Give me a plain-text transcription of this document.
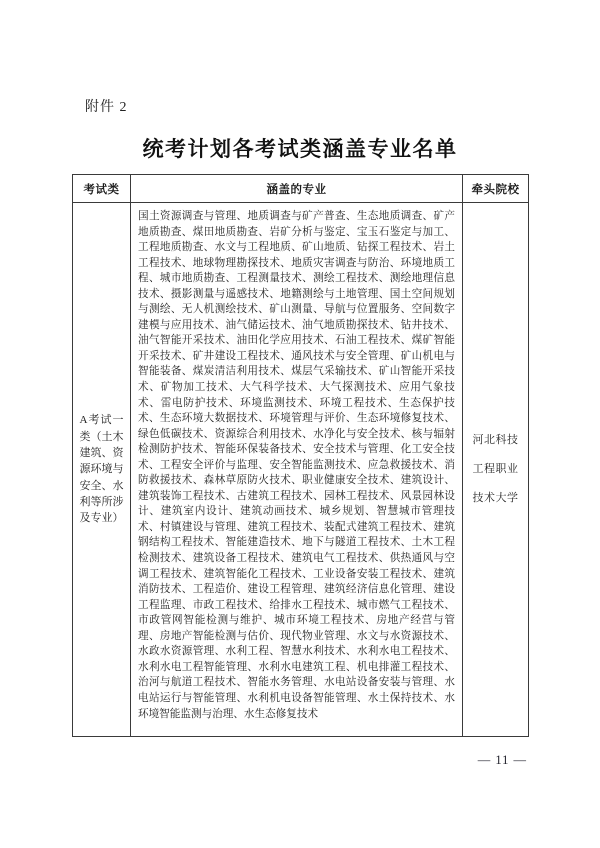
附件 2
统考计划各考试类涵盖专业名单
考试类	涵盖的专业	牵头院校

A考试一类（土木建筑、资源环境与安全、水利等所涉及专业）	国土资源调查与管理、地质调查与矿产普查、生态地质调查、矿产地质勘查、煤田地质勘查、岩矿分析与鉴定、宝玉石鉴定与加工、工程地质勘查、水文与工程地质、矿山地质、钻探工程技术、岩土工程技术、地球物理勘探技术、地质灾害调查与防治、环境地质工程、城市地质勘查、工程测量技术、测绘工程技术、测绘地理信息技术、摄影测量与遥感技术、地籍测绘与土地管理、国土空间规划与测绘、无人机测绘技术、矿山测量、导航与位置服务、空间数字建模与应用技术、油气储运技术、油气地质勘探技术、钻井技术、油气智能开采技术、油田化学应用技术、石油工程技术、煤矿智能开采技术、矿井建设工程技术、通风技术与安全管理、矿山机电与智能装备、煤炭清洁利用技术、煤层气采输技术、矿山智能开采技术、矿物加工技术、大气科学技术、大气探测技术、应用气象技术、雷电防护技术、环境监测技术、环境工程技术、生态保护技术、生态环境大数据技术、环境管理与评价、生态环境修复技术、绿色低碳技术、资源综合利用技术、水净化与安全技术、核与辐射检测防护技术、智能环保装备技术、安全技术与管理、化工安全技术、工程安全评价与监理、安全智能监测技术、应急救援技术、消防救援技术、森林草原防火技术、职业健康安全技术、建筑设计、建筑装饰工程技术、古建筑工程技术、园林工程技术、风景园林设计、建筑室内设计、建筑动画技术、城乡规划、智慧城市管理技术、村镇建设与管理、建筑工程技术、装配式建筑工程技术、建筑钢结构工程技术、智能建造技术、地下与隧道工程技术、土木工程检测技术、建筑设备工程技术、建筑电气工程技术、供热通风与空调工程技术、建筑智能化工程技术、工业设备安装工程技术、建筑消防技术、工程造价、建设工程管理、建筑经济信息化管理、建设工程监理、市政工程技术、给排水工程技术、城市燃气工程技术、市政管网智能检测与维护、城市环境工程技术、房地产经营与管理、房地产智能检测与估价、现代物业管理、水文与水资源技术、水政水资源管理、水利工程、智慧水利技术、水利水电工程技术、水利水电工程智能管理、水利水电建筑工程、机电排灌工程技术、治河与航道工程技术、智能水务管理、水电站设备安装与管理、水电站运行与智能管理、水利机电设备智能管理、水土保持技术、水环境智能监测与治理、水生态修复技术	河北科技工程职业技术大学
— 11 —
